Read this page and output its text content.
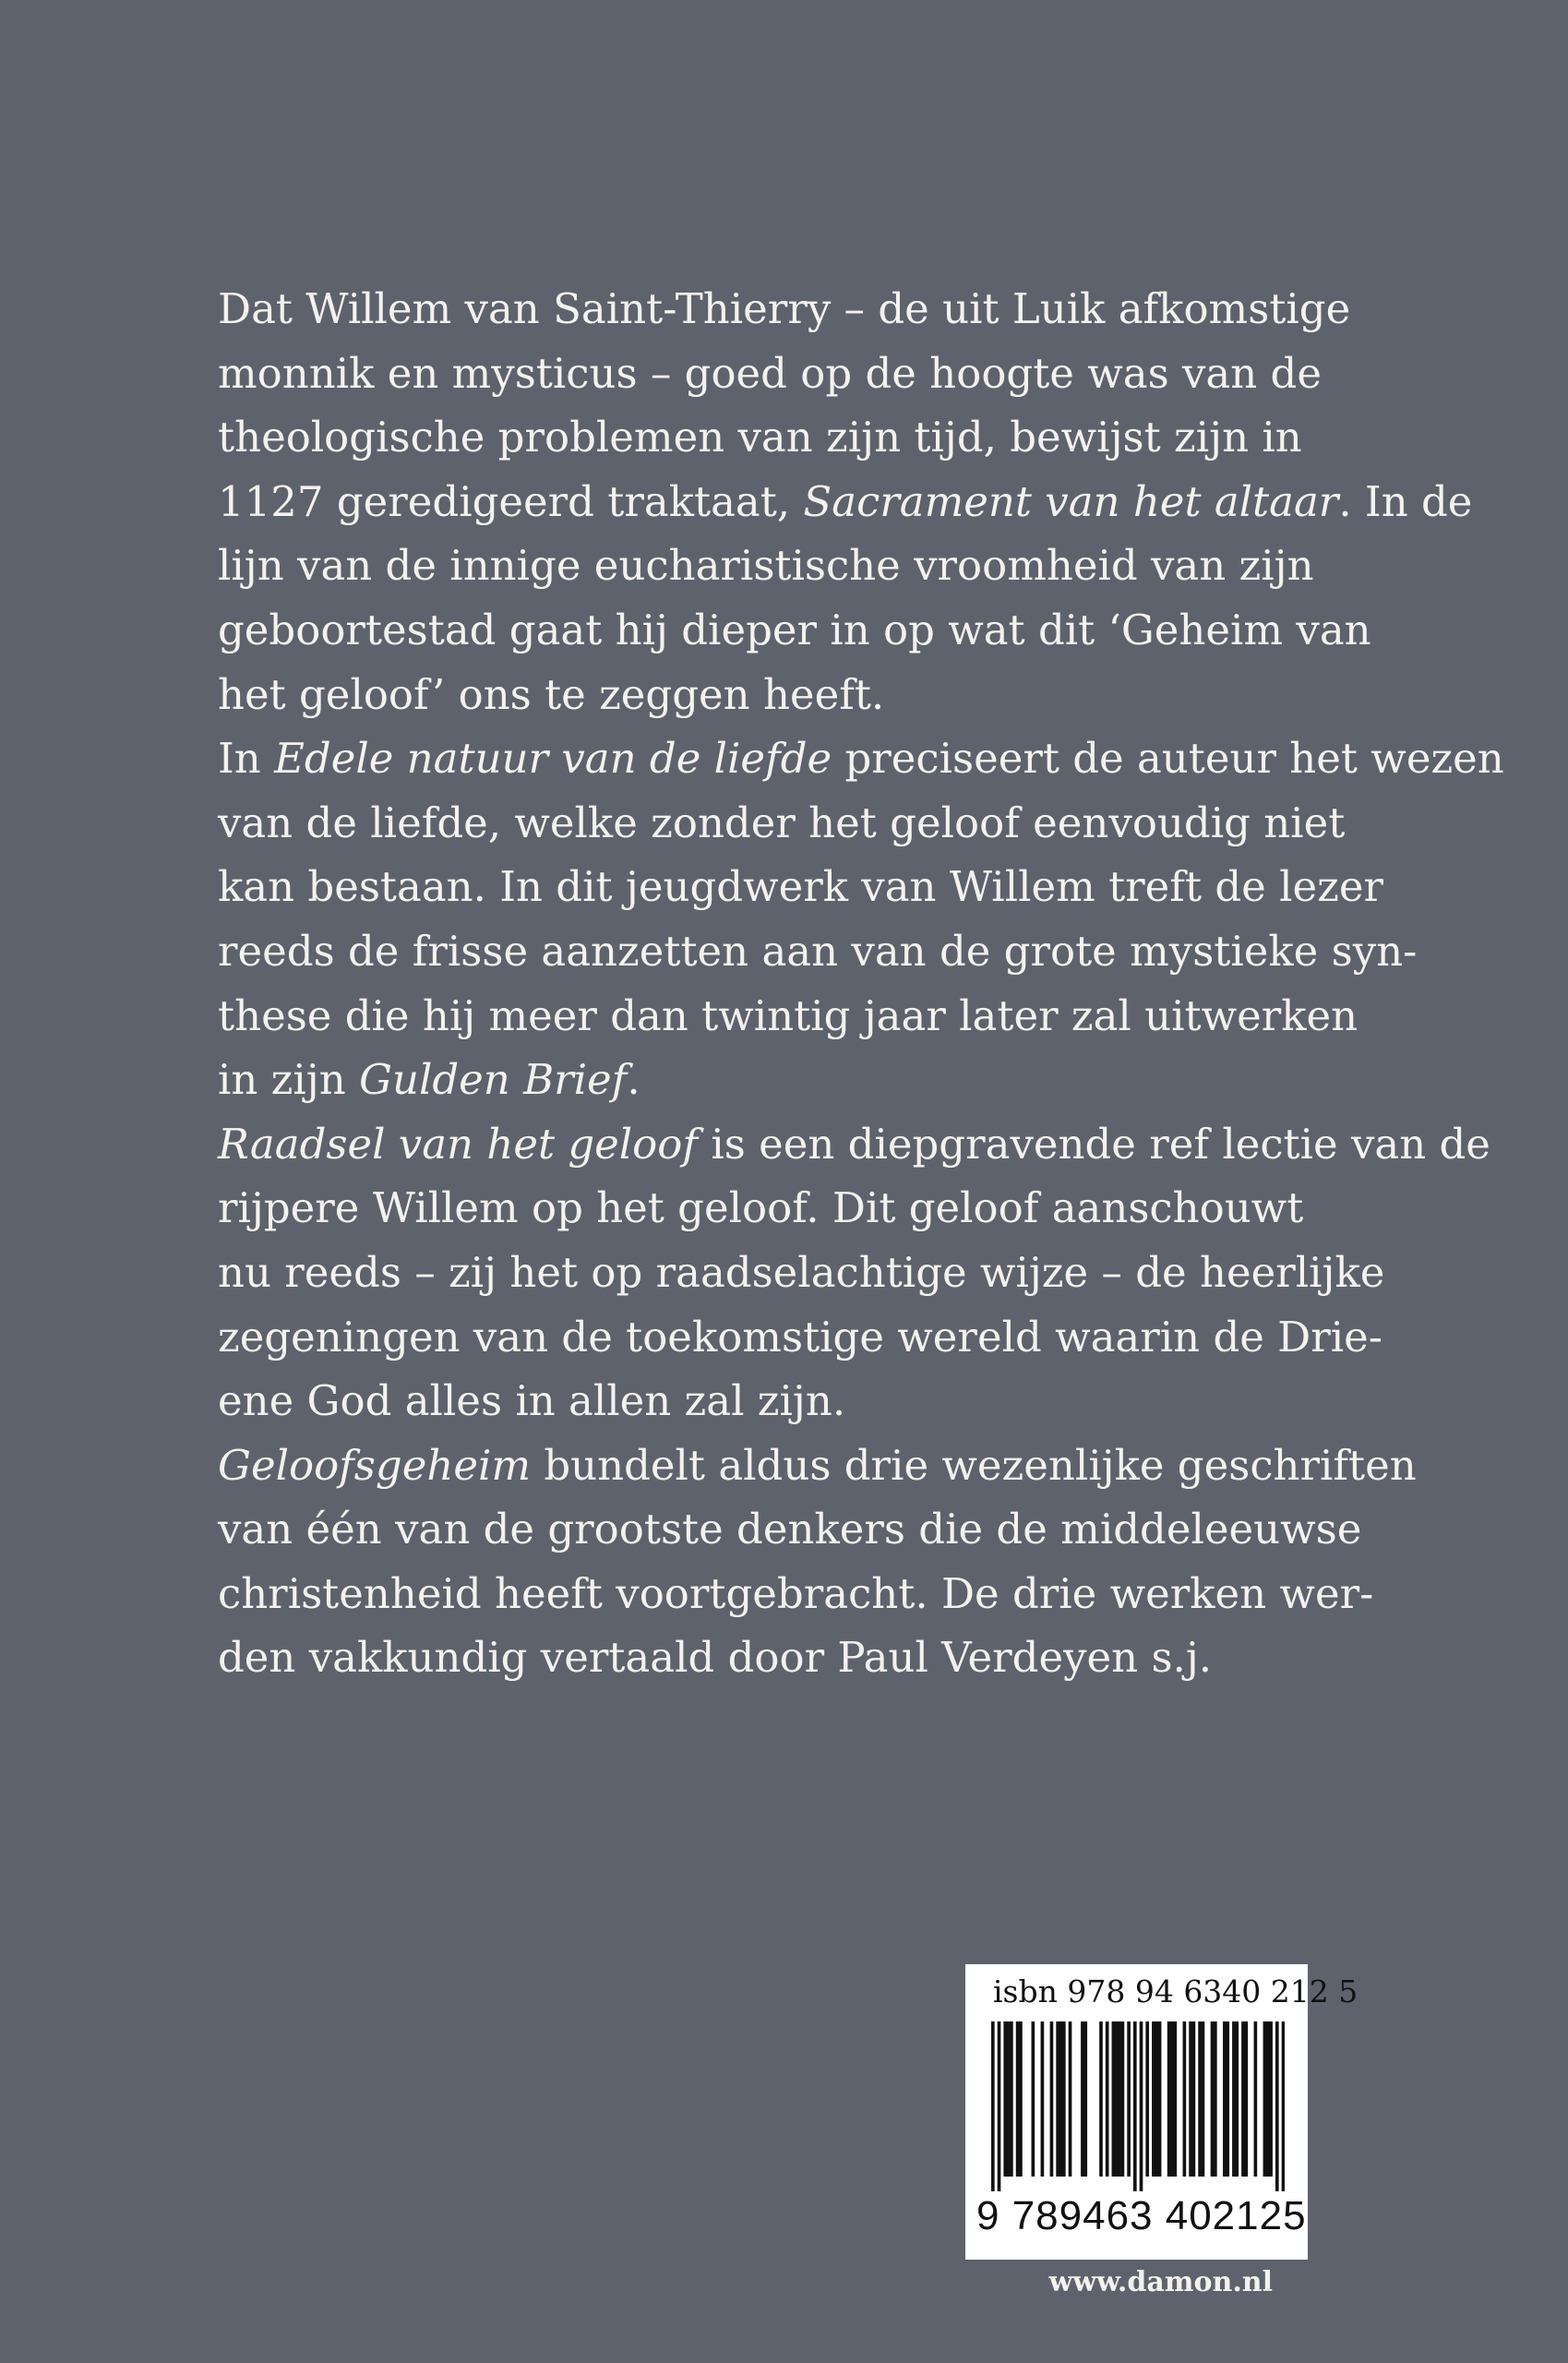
Dat Willem van Saint-Thierry – de uit Luik afkomstige
monnik en mysticus – goed op de hoogte was van de
theologische problemen van zijn tijd, bewijst zijn in
1127 geredigeerd traktaat, Sacrament van het altaar. In de
lijn van de innige eucharistische vroomheid van zijn
geboortestad gaat hij dieper in op wat dit ‘Geheim van
het geloof’ ons te zeggen heeft.
In Edele natuur van de liefde preciseert de auteur het wezen
van de liefde, welke zonder het geloof eenvoudig niet
kan bestaan. In dit jeugdwerk van Willem treft de lezer
reeds de frisse aanzetten aan van de grote mystieke syn-
these die hij meer dan twintig jaar later zal uitwerken
in zijn Gulden Brief.
Raadsel van het geloof is een diepgravende ref lectie van de
rijpere Willem op het geloof. Dit geloof aanschouwt
nu reeds – zij het op raadselachtige wijze – de heerlijke
zegeningen van de toekomstige wereld waarin de Drie-
ene God alles in allen zal zijn.
Geloofsgeheim bundelt aldus drie wezenlijke geschriften
van één van de grootste denkers die de middeleeuwse
christenheid heeft voortgebracht. De drie werken wer-
den vakkundig vertaald door Paul Verdeyen s.j.
isbn 978 94 6340 212 5
9 789463 402125
www.damon.nl
